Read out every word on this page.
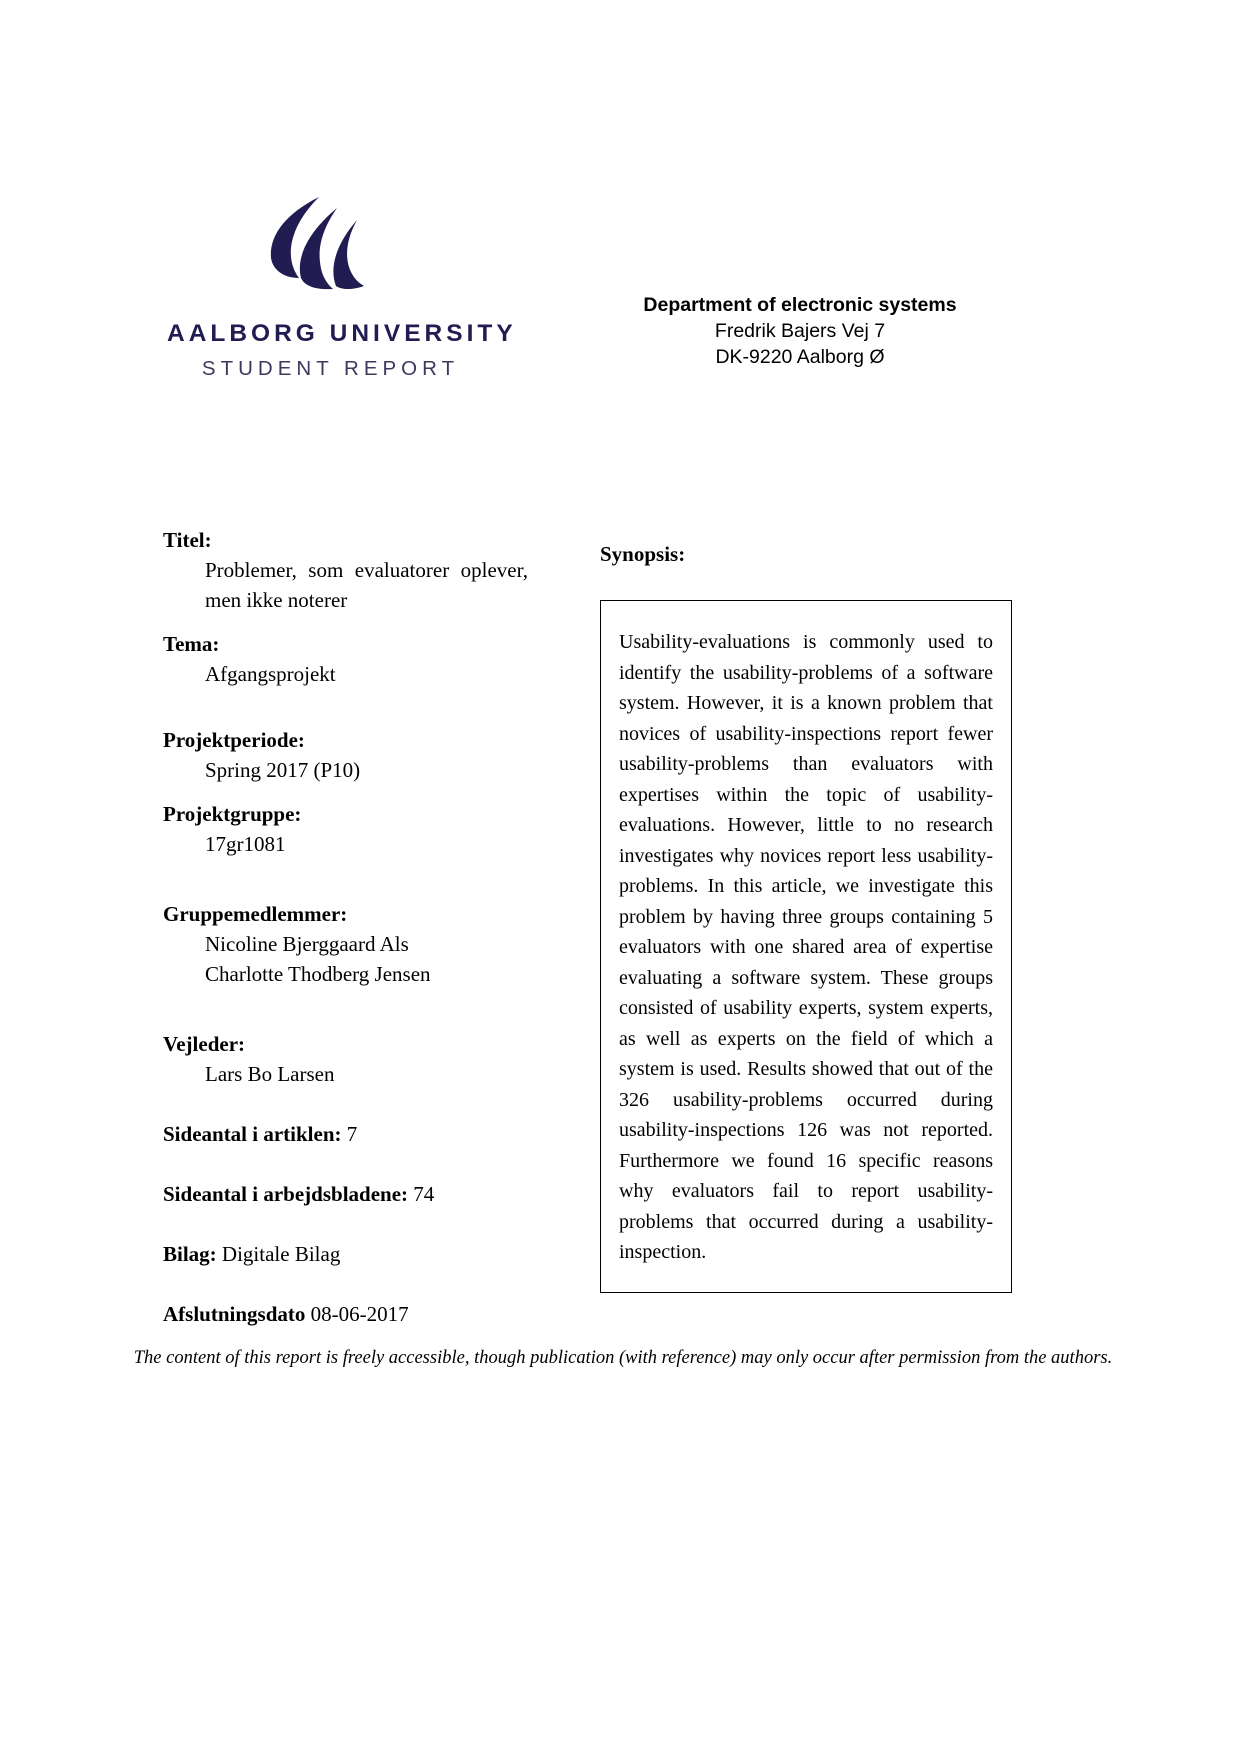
AALBORG UNIVERSITY
STUDENT REPORT
Department of electronic systems
Fredrik Bajers Vej 7
DK-9220 Aalborg Ø

Titel:

Problemer, som evaluatorer oplever, men ikke noterer

Tema:

Afgangsprojekt

Projektperiode:

Spring 2017 (P10)

Projektgruppe:

17gr1081

Gruppemedlemmer:

Nicoline Bjerggaard Als

Charlotte Thodberg Jensen

Vejleder:

Lars Bo Larsen

Sideantal i artiklen: 7

Sideantal i arbejdsbladene: 74

Bilag: Digitale Bilag

Afslutningsdato 08-06-2017

Synopsis:

Usability-evaluations is commonly used to identify the usability-problems of a software system. However, it is a known problem that novices of usability-inspections report fewer usability-problems than evaluators with expertises within the topic of usability-evaluations. However, little to no research investigates why novices report less usability-problems. In this article, we investigate this problem by having three groups containing 5 evaluators with one shared area of expertise evaluating a software system. These groups consisted of usability experts, system experts, as well as experts on the field of which a system is used. Results showed that out of the 326 usability-problems occurred during usability-inspections 126 was not reported. Furthermore we found 16 specific reasons why evaluators fail to report usability-problems that occurred during a usability-inspection.

The content of this report is freely accessible, though publication (with reference) may only occur after permission from the authors.
